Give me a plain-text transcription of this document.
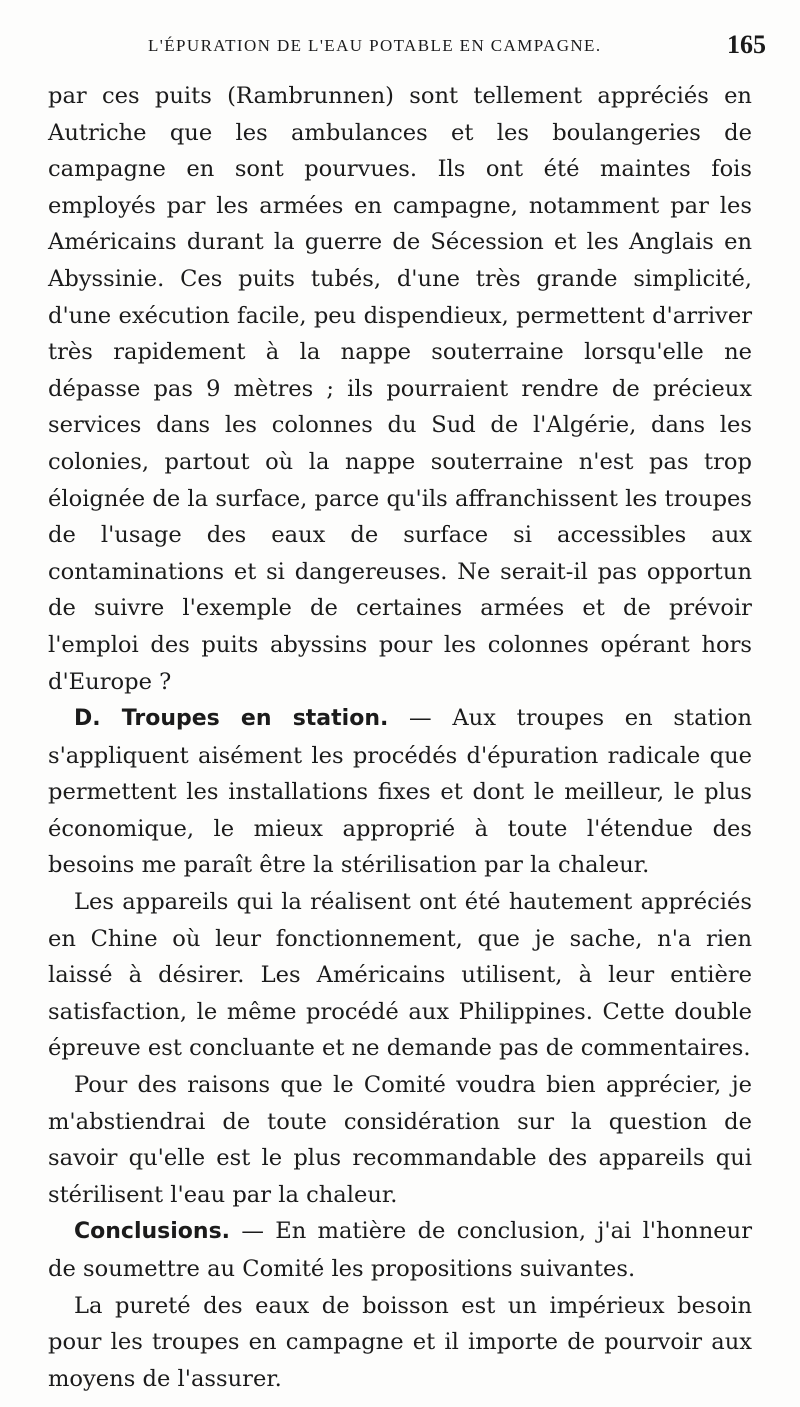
L'ÉPURATION DE L'EAU POTABLE EN CAMPAGNE.	165

par ces puits (Rambrunnen) sont tellement appréciés en Autriche que les ambulances et les boulangeries de campagne en sont pourvues. Ils ont été maintes fois employés par les armées en campagne, notamment par les Américains durant la guerre de Sécession et les Anglais en Abyssinie. Ces puits tubés, d'une très grande simplicité, d'une exécution facile, peu dispendieux, permettent d'arriver très rapidement à la nappe souterraine lorsqu'elle ne dépasse pas 9 mètres ; ils pourraient rendre de précieux services dans les colonnes du Sud de l'Algérie, dans les colonies, partout où la nappe souterraine n'est pas trop éloignée de la surface, parce qu'ils affranchissent les troupes de l'usage des eaux de surface si accessibles aux contaminations et si dangereuses. Ne serait-il pas opportun de suivre l'exemple de certaines armées et de prévoir l'emploi des puits abyssins pour les colonnes opérant hors d'Europe ?

D. Troupes en station. — Aux troupes en station s'appliquent aisément les procédés d'épuration radicale que permettent les installations fixes et dont le meilleur, le plus économique, le mieux approprié à toute l'étendue des besoins me paraît être la stérilisation par la chaleur.

Les appareils qui la réalisent ont été hautement appréciés en Chine où leur fonctionnement, que je sache, n'a rien laissé à désirer. Les Américains utilisent, à leur entière satisfaction, le même procédé aux Philippines. Cette double épreuve est concluante et ne demande pas de commentaires.

Pour des raisons que le Comité voudra bien apprécier, je m'abstiendrai de toute considération sur la question de savoir qu'elle est le plus recommandable des appareils qui stérilisent l'eau par la chaleur.

Conclusions. — En matière de conclusion, j'ai l'honneur de soumettre au Comité les propositions suivantes.

La pureté des eaux de boisson est un impérieux besoin pour les troupes en campagne et il importe de pourvoir aux moyens de l'assurer.
